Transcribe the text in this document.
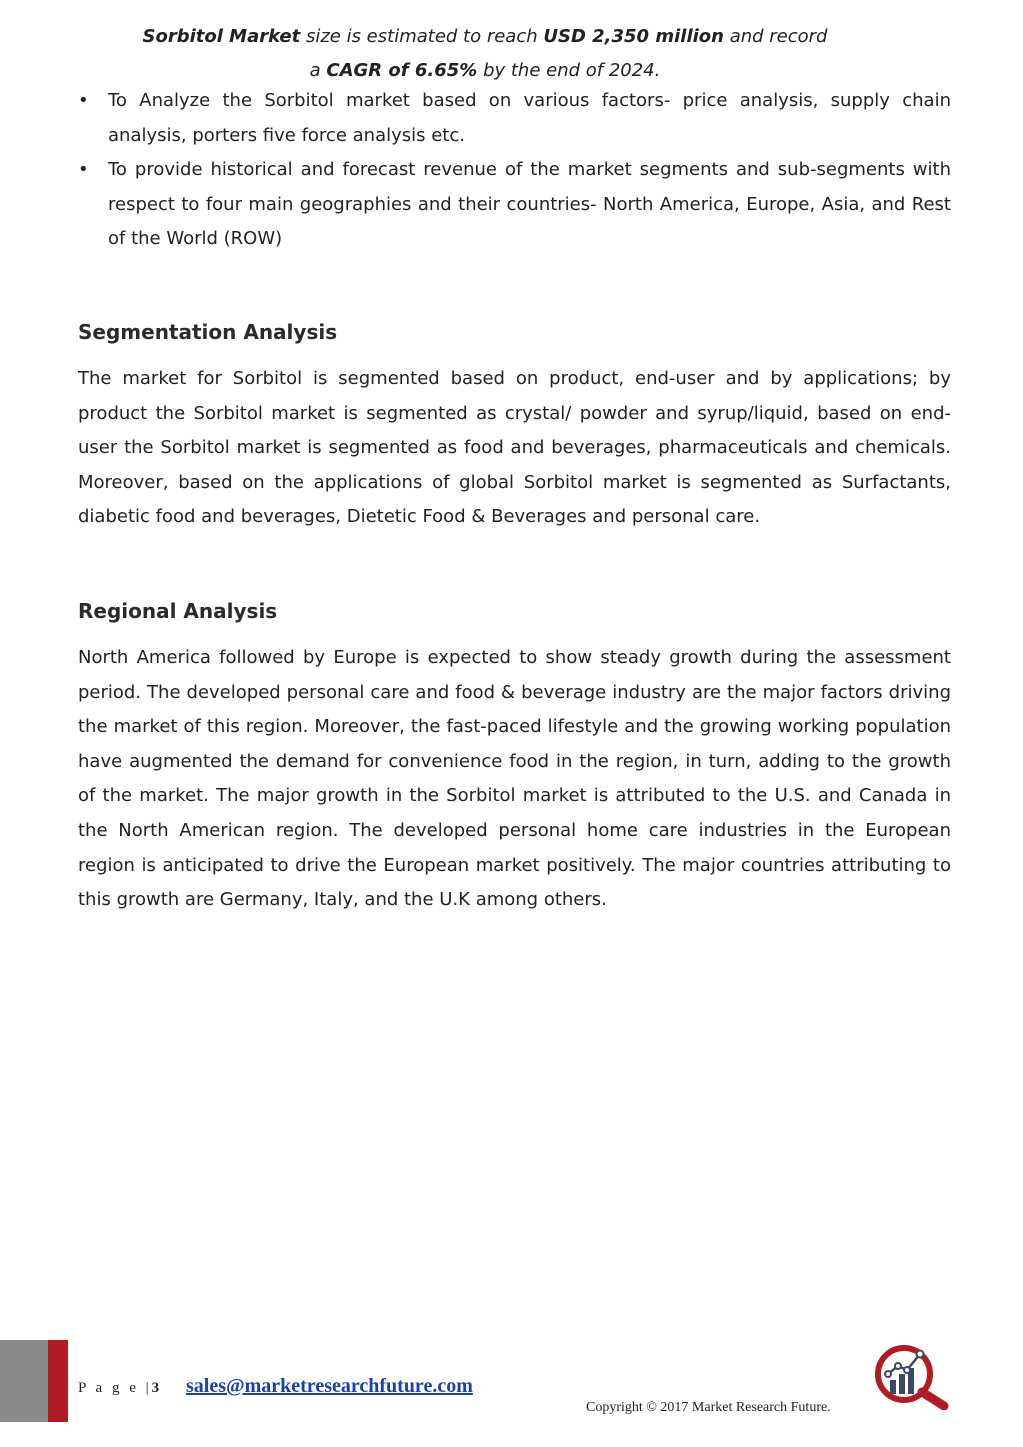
Sorbitol Market size is estimated to reach USD 2,350 million and record
a CAGR of 6.65% by the end of 2024.
• To Analyze the Sorbitol market based on various factors- price analysis, supply chain analysis, porters five force analysis etc.
• To provide historical and forecast revenue of the market segments and sub-segments with respect to four main geographies and their countries- North America, Europe, Asia, and Rest of the World (ROW)
Segmentation Analysis

The market for Sorbitol is segmented based on product, end-user and by applications; by product the Sorbitol market is segmented as crystal/ powder and syrup/liquid, based on end-user the Sorbitol market is segmented as food and beverages, pharmaceuticals and chemicals. Moreover, based on the applications of global Sorbitol market is segmented as Surfactants, diabetic food and beverages, Dietetic Food & Beverages and personal care.

Regional Analysis

North America followed by Europe is expected to show steady growth during the assessment period. The developed personal care and food & beverage industry are the major factors driving the market of this region. Moreover, the fast-paced lifestyle and the growing working population have augmented the demand for convenience food in the region, in turn, adding to the growth of the market. The major growth in the Sorbitol market is attributed to the U.S. and Canada in the North American region. The developed personal home care industries in the European region is anticipated to drive the European market positively. The major countries attributing to this growth are Germany, Italy, and the U.K among others.

P a g e |3 sales@marketresearchfuture.com
Copyright © 2017 Market Research Future.
